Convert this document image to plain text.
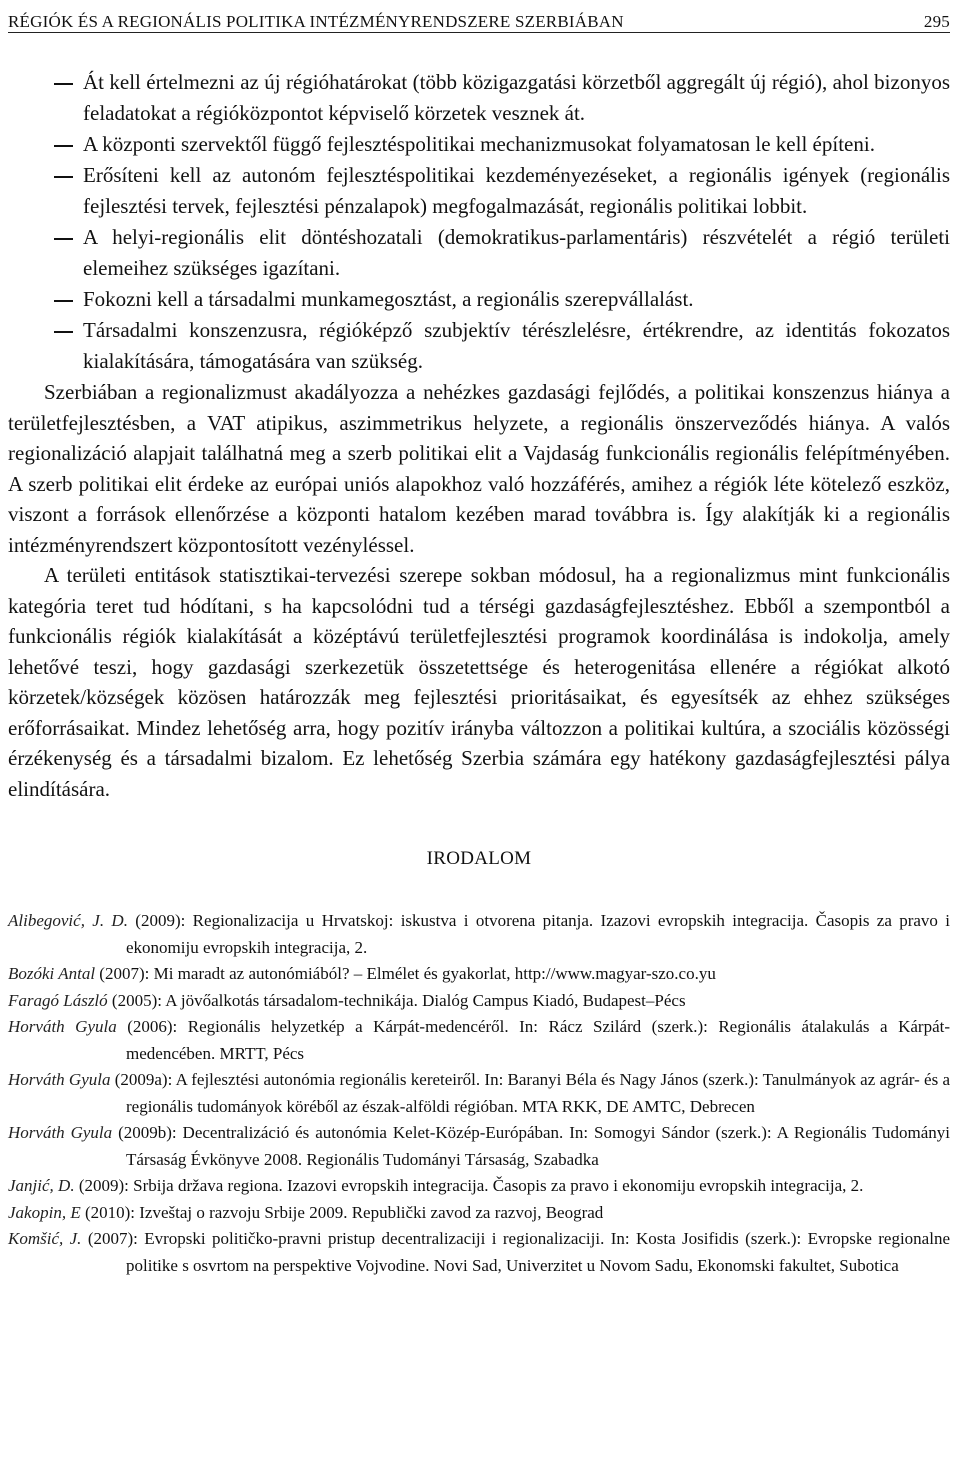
RÉGIÓK ÉS A REGIONÁLIS POLITIKA INTÉZMÉNYRENDSZERE SZERBIÁBAN	295
Át kell értelmezni az új régióhatárokat (több közigazgatási körzetből aggregált új régió), ahol bizonyos feladatokat a régióközpontot képviselő körzetek vesznek át.
A központi szervektől függő fejlesztéspolitikai mechanizmusokat folyamatosan le kell építeni.
Erősíteni kell az autonóm fejlesztéspolitikai kezdeményezéseket, a regionális igények (regionális fejlesztési tervek, fejlesztési pénzalapok) megfogalmazását, regionális politikai lobbit.
A helyi-regionális elit döntéshozatali (demokratikus-parlamentáris) részvételét a régió területi elemeihez szükséges igazítani.
Fokozni kell a társadalmi munkamegosztást, a regionális szerepvállalást.
Társadalmi konszenzusra, régióképző szubjektív térészlelésre, értékrendre, az identitás fokozatos kialakítására, támogatására van szükség.

Szerbiában a regionalizmust akadályozza a nehézkes gazdasági fejlődés, a politikai konszenzus hiánya a területfejlesztésben, a VAT atipikus, aszimmetrikus helyzete, a regionális önszerveződés hiánya. A valós regionalizáció alapjait találhatná meg a szerb politikai elit a Vajdaság funkcionális regionális felépítményében. A szerb politikai elit érdeke az európai uniós alapokhoz való hozzáférés, amihez a régiók léte kötelező eszköz, viszont a források ellenőrzése a központi hatalom kezében marad továbbra is. Így alakítják ki a regionális intézményrendszert központosított vezényléssel.

A területi entitások statisztikai-tervezési szerepe sokban módosul, ha a regionalizmus mint funkcionális kategória teret tud hódítani, s ha kapcsolódni tud a térségi gazdaságfejlesztéshez. Ebből a szempontból a funkcionális régiók kialakítását a középtávú területfejlesztési programok koordinálása is indokolja, amely lehetővé teszi, hogy gazdasági szerkezetük összetettsége és heterogenitása ellenére a régiókat alkotó körzetek/községek közösen határozzák meg fejlesztési prioritásaikat, és egyesítsék az ehhez szükséges erőforrásaikat. Mindez lehetőség arra, hogy pozitív irányba változzon a politikai kultúra, a szociális közösségi érzékenység és a társadalmi bizalom. Ez lehetőség Szerbia számára egy hatékony gazdaságfejlesztési pálya elindítására.

IRODALOM
Alibegović, J. D. (2009): Regionalizacija u Hrvatskoj: iskustva i otvorena pitanja. Izazovi evropskih integracija. Časopis za pravo i ekonomiju evropskih integracija, 2.
Bozóki Antal (2007): Mi maradt az autonómiából? – Elmélet és gyakorlat, http://www.magyar-szo.co.yu
Faragó László (2005): A jövőalkotás társadalom-technikája. Dialóg Campus Kiadó, Budapest–Pécs
Horváth Gyula (2006): Regionális helyzetkép a Kárpát-medencéről. In: Rácz Szilárd (szerk.): Regionális átalakulás a Kárpát-medencében. MRTT, Pécs
Horváth Gyula (2009a): A fejlesztési autonómia regionális kereteiről. In: Baranyi Béla és Nagy János (szerk.): Tanulmányok az agrár- és a regionális tudományok köréből az észak-alföldi régióban. MTA RKK, DE AMTC, Debrecen
Horváth Gyula (2009b): Decentralizáció és autonómia Kelet-Közép-Európában. In: Somogyi Sándor (szerk.): A Regionális Tudományi Társaság Évkönyve 2008. Regionális Tudományi Társaság, Szabadka
Janjić, D. (2009): Srbija država regiona. Izazovi evropskih integracija. Časopis za pravo i ekonomiju evropskih integracija, 2.
Jakopin, E (2010): Izveštaj o razvoju Srbije 2009. Republički zavod za razvoj, Beograd
Komšić, J. (2007): Evropski političko-pravni pristup decentralizaciji i regionalizaciji. In: Kosta Josifidis (szerk.): Evropske regionalne politike s osvrtom na perspektive Vojvodine. Novi Sad, Univerzitet u Novom Sadu, Ekonomski fakultet, Subotica
